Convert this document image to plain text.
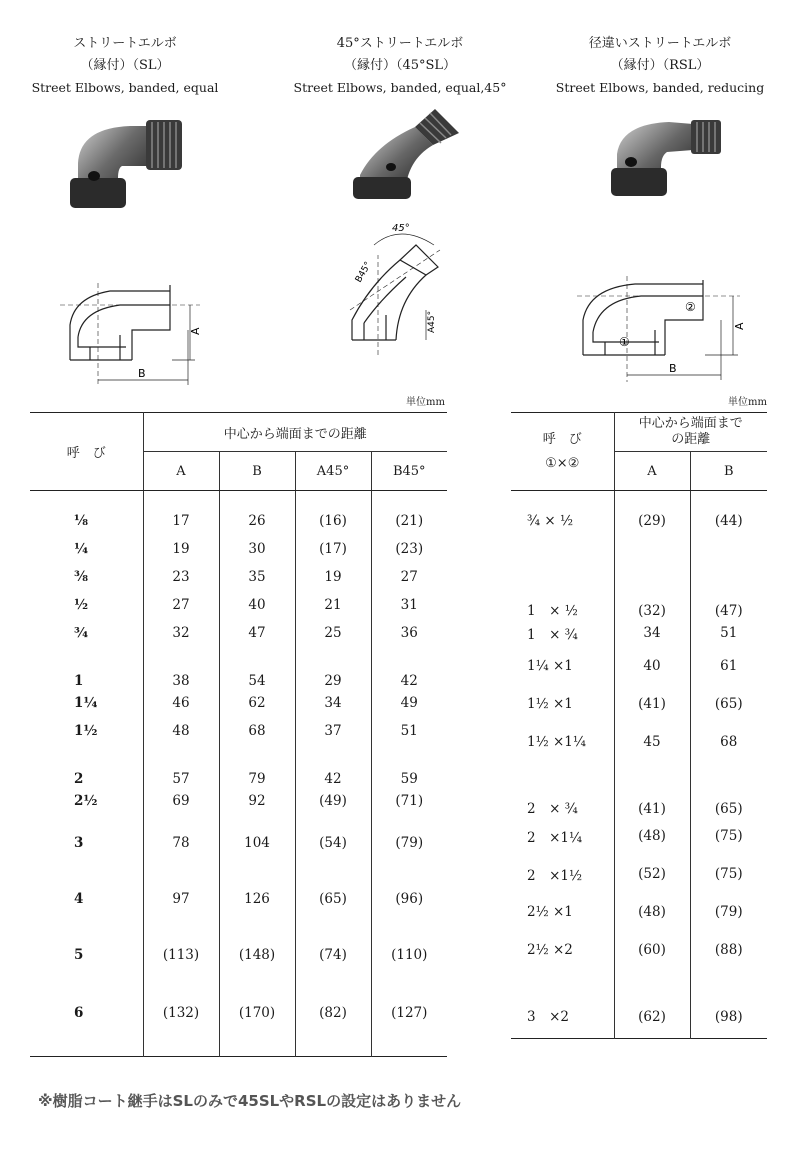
ストリートエルボ
（縁付）（SL）
Street Elbows, banded, equal
45°ストリートエルボ
（縁付）（45°SL）
Street Elbows, banded, equal,45°
径違いストリートエルボ
（縁付）（RSL）
Street Elbows, banded, reducing
A
B
45°
B45°
A45°
②
①
A
B
単位mm	単位mm
呼　び	中心から端面までの距離			
	A	B	A45°	B45°

⅛	17	26	(16)	(21)
¼	19	30	(17)	(23)
⅜	23	35	19	27
½	27	40	21	31
¾	32	47	25	36
1	38	54	29	42
1¼	46	62	34	49
1½	48	68	37	51
2	57	79	42	59
2½	69	92	(49)	(71)
3	78	104	(54)	(79)
4	97	126	(65)	(96)
5	(113)	(148)	(74)	(110)
6	(132)	(170)	(82)	(127)

呼　び
①×②	中心から端面までの距離	
	A	B

¾ × ½	(29)	(44)
1　× ½	(32)	(47)
1　× ¾	34	51
1¼ ×1	40	61
1½ ×1	(41)	(65)
1½ ×1¼	45	68
2　× ¾	(41)	(65)
2　×1¼	(48)	(75)
2　×1½	(52)	(75)
2½ ×1	(48)	(79)
2½ ×2	(60)	(88)
3　×2	(62)	(98)

※樹脂コート継手はSLのみで45SLやRSLの設定はありません
